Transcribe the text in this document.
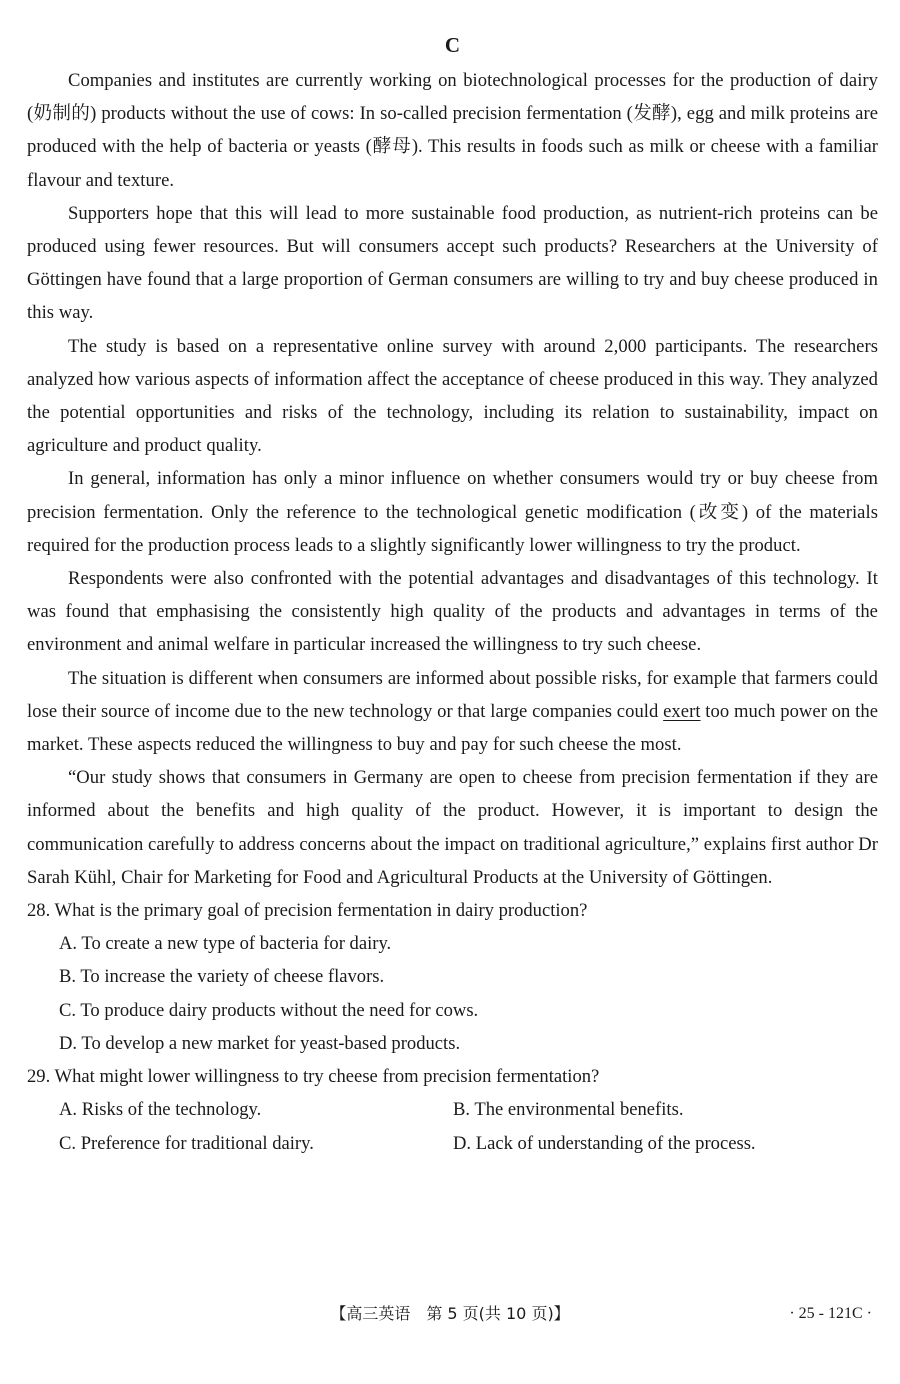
C

Companies and institutes are currently working on biotechnological processes for the production of dairy (奶制的) products without the use of cows: In so-called precision fermentation (发酵), egg and milk proteins are produced with the help of bacteria or yeasts (酵母). This results in foods such as milk or cheese with a familiar flavour and texture.

Supporters hope that this will lead to more sustainable food production, as nutrient-rich proteins can be produced using fewer resources. But will consumers accept such products? Researchers at the University of Göttingen have found that a large proportion of German consumers are willing to try and buy cheese produced in this way.

The study is based on a representative online survey with around 2,000 participants. The researchers analyzed how various aspects of information affect the acceptance of cheese produced in this way. They analyzed the potential opportunities and risks of the technology, including its relation to sustainability, impact on agriculture and product quality.

In general, information has only a minor influence on whether consumers would try or buy cheese from precision fermentation. Only the reference to the technological genetic modification (改变) of the materials required for the production process leads to a slightly significantly lower willingness to try the product.

Respondents were also confronted with the potential advantages and disadvantages of this technology. It was found that emphasising the consistently high quality of the products and advantages in terms of the environment and animal welfare in particular increased the willingness to try such cheese.

The situation is different when consumers are informed about possible risks, for example that farmers could lose their source of income due to the new technology or that large companies could exert too much power on the market. These aspects reduced the willingness to buy and pay for such cheese the most.

“Our study shows that consumers in Germany are open to cheese from precision fermentation if they are informed about the benefits and high quality of the product. However, it is important to design the communication carefully to address concerns about the impact on traditional agriculture,” explains first author Dr Sarah Kühl, Chair for Marketing for Food and Agricultural Products at the University of Göttingen.

28. What is the primary goal of precision fermentation in dairy production?

A. To create a new type of bacteria for dairy.

B. To increase the variety of cheese flavors.

C. To produce dairy products without the need for cows.

D. To develop a new market for yeast-based products.

29. What might lower willingness to try cheese from precision fermentation?

A. Risks of the technology.	B. The environmental benefits.
C. Preference for traditional dairy.	D. Lack of understanding of the process.
【高三英语　第 5 页(共 10 页)】	· 25 - 121C ·
